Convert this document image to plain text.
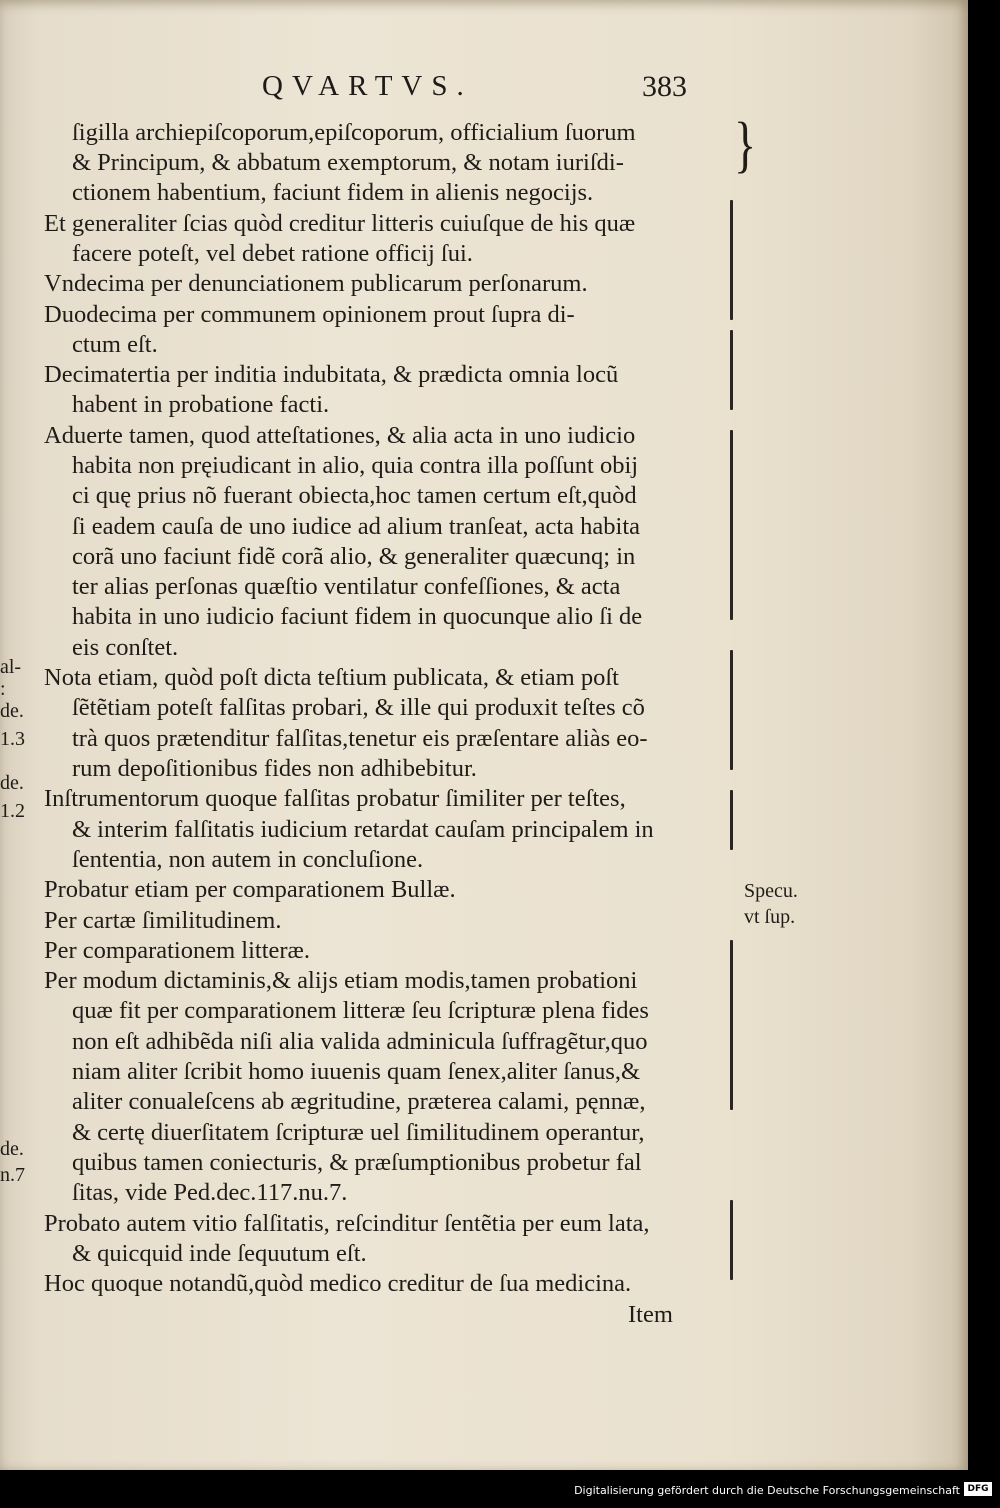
QVARTVS.	383
ſigilla archiepiſcoporum,epiſcoporum, officialium ſuorum
& Principum, & abbatum exemptorum, & notam iuriſdi-
ctionem habentium, faciunt fidem in alienis negocijs.
Et generaliter ſcias quòd creditur litteris cuiuſque de his quæ
facere poteſt, vel debet ratione officij ſui.
Vndecima per denunciationem publicarum perſonarum.
Duodecima per communem opinionem prout ſupra di-
ctum eſt.
Decimatertia per inditia indubitata, & prædicta omnia locũ
habent in probatione facti.
Aduerte tamen, quod atteſtationes, & alia acta in uno iudicio
habita non pręiudicant in alio, quia contra illa poſſunt obij
ci quę prius nõ fuerant obiecta,hoc tamen certum eſt,quòd
ſi eadem cauſa de uno iudice ad alium tranſeat, acta habita
corã uno faciunt fidẽ corã alio, & generaliter quæcunq; in
ter alias perſonas quæſtio ventilatur confeſſiones, & acta
habita in uno iudicio faciunt fidem in quocunque alio ſi de
eis conſtet.
Nota etiam, quòd poſt dicta teſtium publicata, & etiam poſt
ſẽtẽtiam poteſt falſitas probari, & ille qui produxit teſtes cõ
trà quos prætenditur falſitas,tenetur eis præſentare aliàs eo-
rum depoſitionibus fides non adhibebitur.
Inſtrumentorum quoque falſitas probatur ſimiliter per teſtes,
& interim falſitatis iudicium retardat cauſam principalem in
ſententia, non autem in concluſione.
Probatur etiam per comparationem Bullæ.
Per cartæ ſimilitudinem.
Per comparationem litteræ.
Per modum dictaminis,& alijs etiam modis,tamen probationi
quæ fit per comparationem litteræ ſeu ſcripturæ plena fides
non eſt adhibẽda niſi alia valida adminicula ſuffragẽtur,quo
niam aliter ſcribit homo iuuenis quam ſenex,aliter ſanus,&
aliter conualeſcens ab ægritudine, præterea calami, pęnnæ,
& certę diuerſitatem ſcripturæ uel ſimilitudinem operantur,
quibus tamen coniecturis, & præſumptionibus probetur fal
ſitas, vide Ped.dec.117.nu.7.
Probato autem vitio falſitatis, reſcinditur ſentẽtia per eum lata,
& quicquid inde ſequutum eſt.
Hoc quoque notandũ,quòd medico creditur de ſua medicina.
Item
al-
:
de.
1.3
de.
1.2
de.
n.7
}
Specu.
vt ſup.
Digitalisierung gefördert durch die Deutsche Forschungsgemeinschaft DFG
